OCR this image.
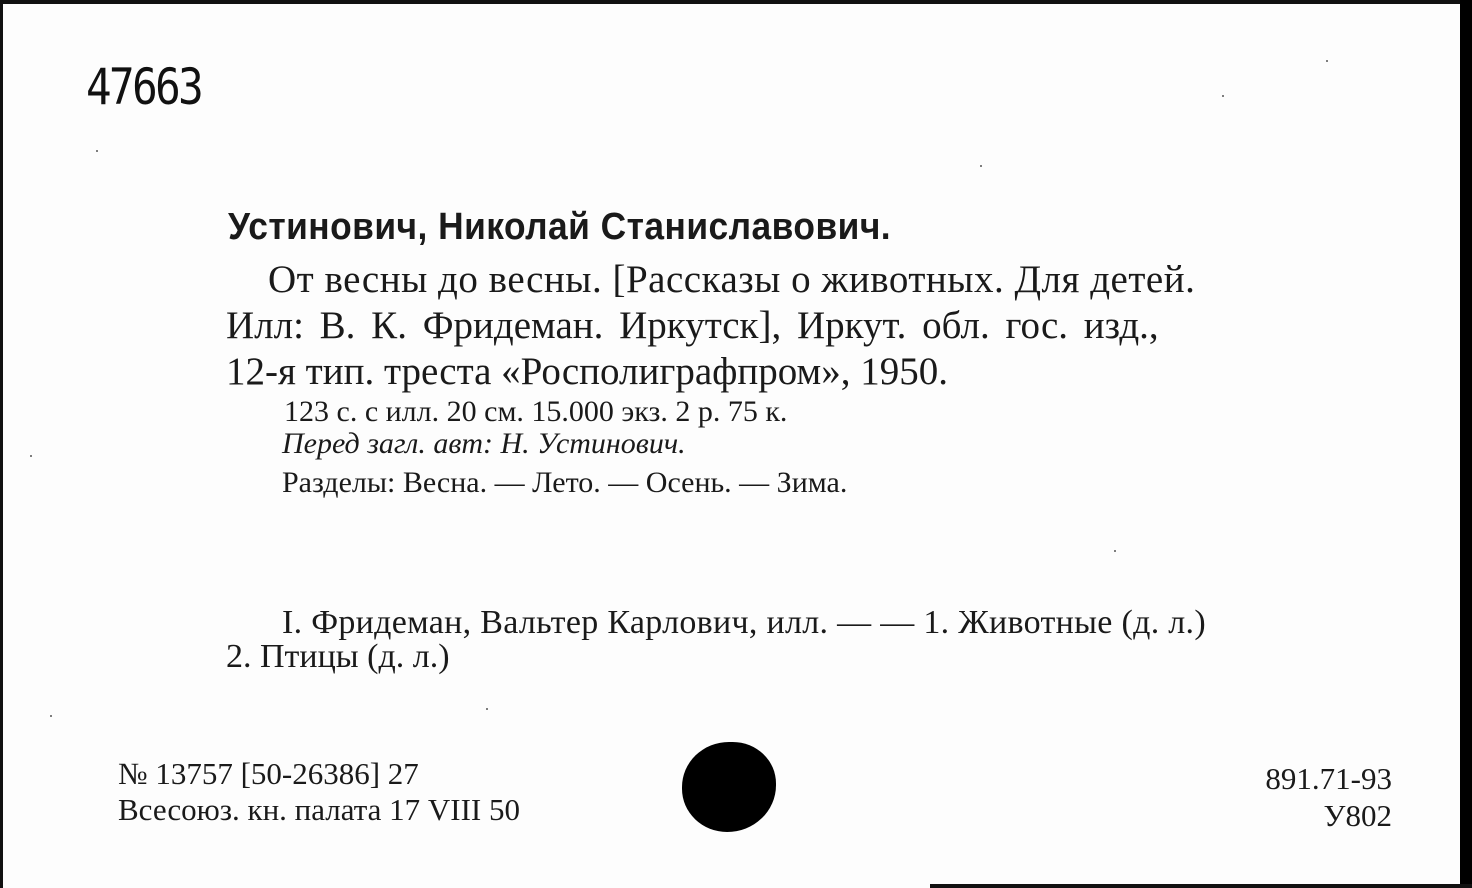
47663
Устинович, Николай Станиславович.
От весны до весны. [Рассказы о животных. Для детей.
Илл: В. К. Фридеман. Иркутск], Иркут. обл. гос. изд.,
12-я тип. треста «Росполиграфпром», 1950.
123 с. с илл. 20 см. 15.000 экз. 2 р. 75 к.
Перед загл. авт: Н. Устинович.
Разделы: Весна. — Лето. — Осень. — Зима.
I. Фридеман, Вальтер Карлович, илл. — — 1. Животные (д. л.)
2. Птицы (д. л.)
№ 13757 [50-26386] 27
Всесоюз. кн. палата 17 VIII 50
891.71-93
У802
